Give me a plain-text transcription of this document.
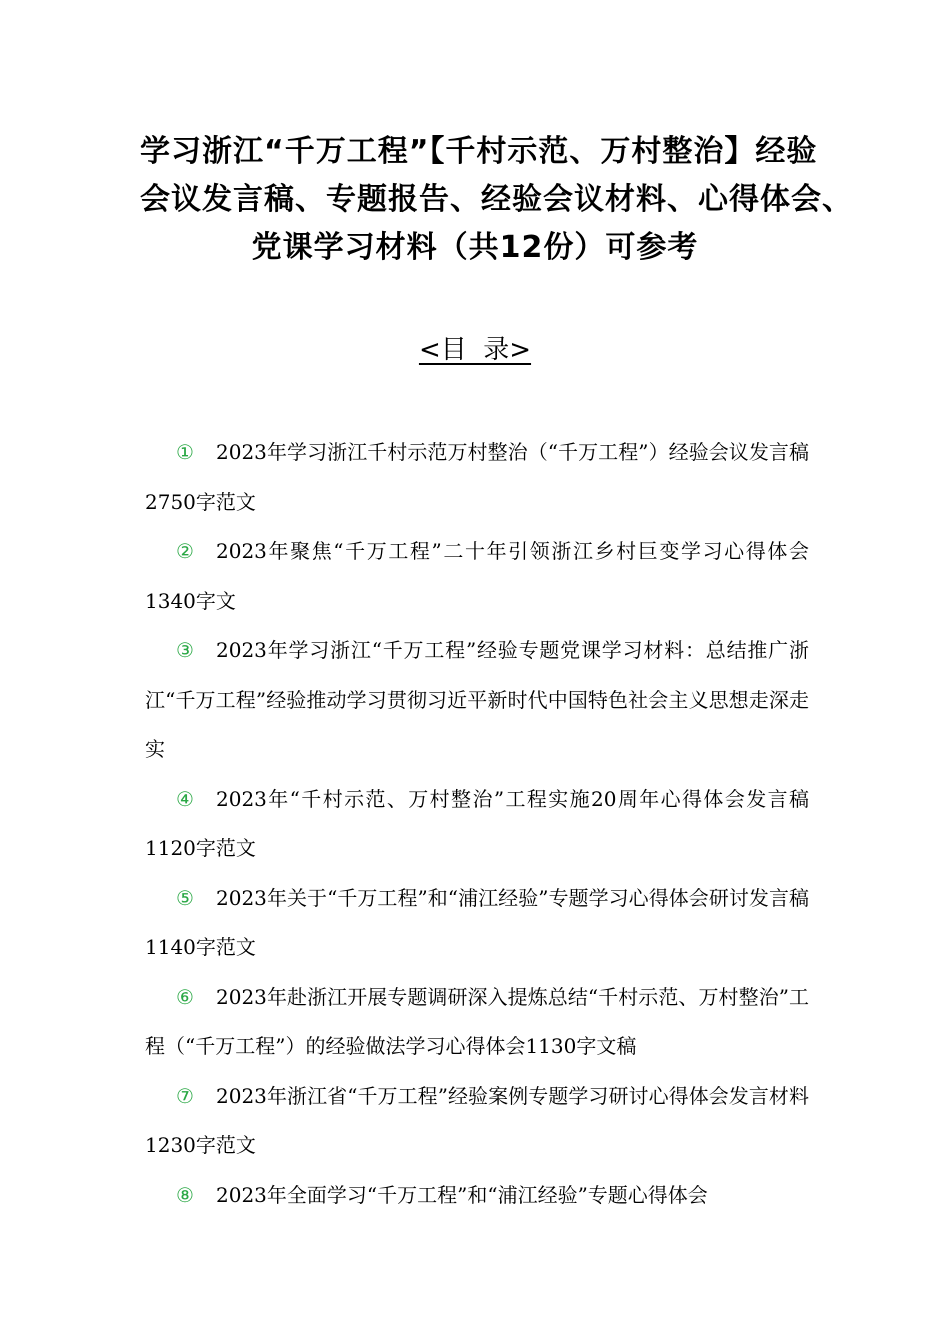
学习浙江“千万工程”【千村示范、万村整治】经验
会议发言稿、专题报告、经验会议材料、心得体会、
党课学习材料（共12份）可参考
<目  录>
① 2023年学习浙江千村示范万村整治（“千万工程”）经验会议发言稿2750字范文
② 2023年聚焦“千万工程”二十年引领浙江乡村巨变学习心得体会1340字文
③ 2023年学习浙江“千万工程”经验专题党课学习材料：总结推广浙江“千万工程”经验推动学习贯彻习近平新时代中国特色社会主义思想走深走实
④ 2023年“千村示范、万村整治”工程实施20周年心得体会发言稿1120字范文
⑤ 2023年关于“千万工程”和“浦江经验”专题学习心得体会研讨发言稿1140字范文
⑥ 2023年赴浙江开展专题调研深入提炼总结“千村示范、万村整治”工程（“千万工程”）的经验做法学习心得体会1130字文稿
⑦ 2023年浙江省“千万工程”经验案例专题学习研讨心得体会发言材料1230字范文
⑧ 2023年全面学习“千万工程”和“浦江经验”专题心得体会
